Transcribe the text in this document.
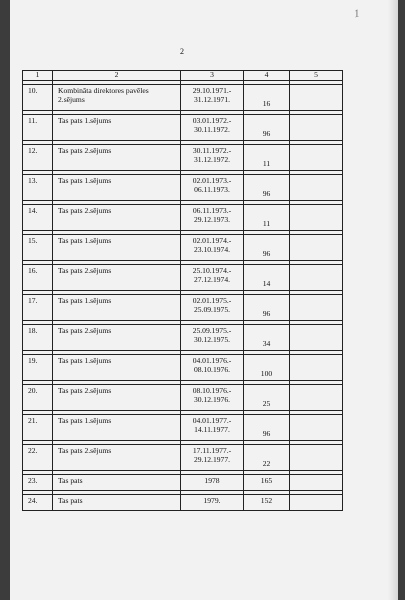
1
2
1	2	3	4	5

10.	Kombināta direktores pavēles 2.sējums	29.10.1971.-
31.12.1971.	16	

11.	Tas pats 1.sējums	03.01.1972.-
30.11.1972.	96	

12.	Tas pats 2.sējums	30.11.1972.-
31.12.1972.	11	

13.	Tas pats 1.sējums	02.01.1973.-
06.11.1973.	96	

14.	Tas pats 2.sējums	06.11.1973.-
29.12.1973.	11	

15.	Tas pats 1.sējums	02.01.1974.-
23.10.1974.	96	

16.	Tas pats 2.sējums	25.10.1974.-
27.12.1974.	14	

17.	Tas pats 1.sējums	02.01.1975.-
25.09.1975.	96	

18.	Tas pats 2.sējums	25.09.1975.-
30.12.1975.	34	

19.	Tas pats 1.sējums	04.01.1976.-
08.10.1976.	100	

20.	Tas pats 2.sējums	08.10.1976.-
30.12.1976.	25	

21.	Tas pats 1.sējums	04.01.1977.-
14.11.1977.	96	

22.	Tas pats 2.sējums	17.11.1977.-
29.12.1977.	22	

23.	Tas pats	1978	165	

24.	Tas pats	1979.	152	
